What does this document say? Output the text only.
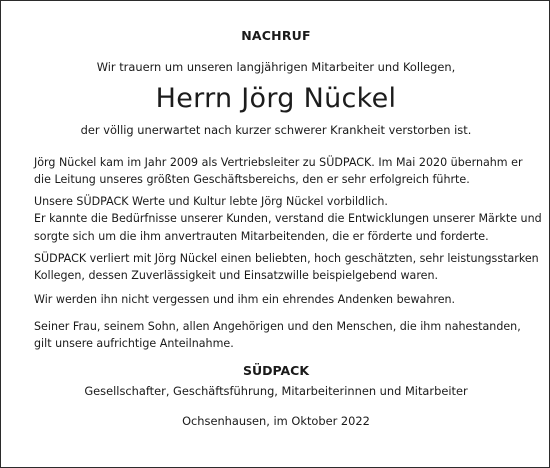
NACHRUF
Wir trauern um unseren langjährigen Mitarbeiter und Kollegen,
Herrn Jörg Nückel
der völlig unerwartet nach kurzer schwerer Krankheit verstorben ist.
Jörg Nückel kam im Jahr 2009 als Vertriebsleiter zu SÜDPACK. Im Mai 2020 übernahm er
die Leitung unseres größten Geschäftsbereichs, den er sehr erfolgreich führte.
Unsere SÜDPACK Werte und Kultur lebte Jörg Nückel vorbildlich.
Er kannte die Bedürfnisse unserer Kunden, verstand die Entwicklungen unserer Märkte und
sorgte sich um die ihm anvertrauten Mitarbeitenden, die er förderte und forderte.
SÜDPACK verliert mit Jörg Nückel einen beliebten, hoch geschätzten, sehr leistungsstarken
Kollegen, dessen Zuverlässigkeit und Einsatzwille beispielgebend waren.
Wir werden ihn nicht vergessen und ihm ein ehrendes Andenken bewahren.
Seiner Frau, seinem Sohn, allen Angehörigen und den Menschen, die ihm nahestanden,
gilt unsere aufrichtige Anteilnahme.
SÜDPACK
Gesellschafter, Geschäftsführung, Mitarbeiterinnen und Mitarbeiter
Ochsenhausen, im Oktober 2022
